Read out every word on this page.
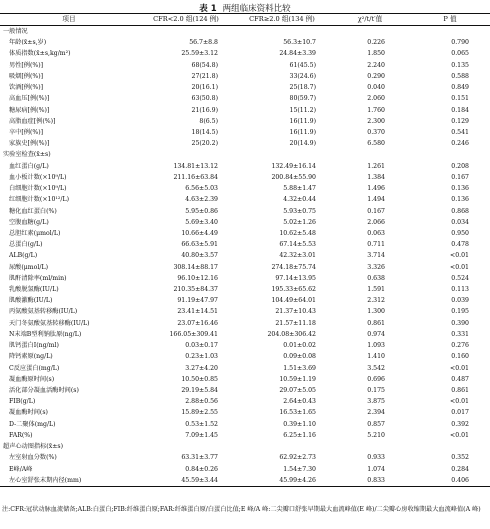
表 1 两组临床资料比较
项目	CFR<2.0 组(124 例)	CFR≥2.0 组(134 例)	χ²/t/t′值	P 值
一般情况				
年龄(x̄±s,岁)	56.7±8.8	56.3±10.7	0.226	0.790
体质指数(x̄±s,kg/m²)	25.59±3.12	24.84±3.39	1.850	0.065
男性[例(%)]	68(54.8)	61(45.5)	2.240	0.135
吸烟[例(%)]	27(21.8)	33(24.6)	0.290	0.588
饮酒[例(%)]	20(16.1)	25(18.7)	0.040	0.849
高血压[例(%)]	63(50.8)	80(59.7)	2.060	0.151
糖尿病[例(%)]	21(16.9)	15(11.2)	1.760	0.184
高脂血症[例(%)]	8(6.5)	16(11.9)	2.300	0.129
卒中[例(%)]	18(14.5)	16(11.9)	0.370	0.541
家族史[例(%)]	25(20.2)	20(14.9)	6.580	0.246
实验室检查(x̄±s)				
血红蛋白(g/L)	134.81±13.12	132.49±16.14	1.261	0.208
血小板计数(×10⁹/L)	211.16±63.84	200.84±55.90	1.384	0.167
白细胞计数(×10⁹/L)	6.56±5.03	5.88±1.47	1.496	0.136
红细胞计数(×10¹²/L)	4.63±2.39	4.32±0.44	1.494	0.136
糖化血红蛋白(%)	5.95±0.86	5.93±0.75	0.167	0.868
空腹血糖(g/L)	5.69±3.40	5.02±1.26	2.066	0.034
总胆红素(μmol/L)	10.66±4.49	10.62±5.48	0.063	0.950
总蛋白(g/L)	66.63±5.91	67.14±5.53	0.711	0.478
ALB(g/L)	40.80±3.57	42.32±3.01	3.714	<0.01
尿酸(μmol/L)	308.14±88.17	274.18±75.74	3.326	<0.01
肌酐清除率(ml/min)	96.10±12.16	97.14±13.95	0.638	0.524
乳酸脱氢酶(IU/L)	210.35±84.37	195.33±65.62	1.591	0.113
肌酸激酶(IU/L)	91.19±47.97	104.49±64.01	2.312	0.039
丙氨酸氨基转移酶(IU/L)	23.41±14.51	21.37±10.43	1.300	0.195
天门冬氨酸氨基转移酶(IU/L)	23.07±16.46	21.57±11.18	0.861	0.390
N末端B型利钠肽原(ng/L)	166.05±309.41	204.08±306.42	0.974	0.331
肌钙蛋白I(ng/ml)	0.03±0.17	0.01±0.02	1.093	0.276
降钙素原(ng/L)	0.23±1.03	0.09±0.08	1.410	0.160
C反应蛋白(mg/L)	3.27±4.20	1.51±3.69	3.542	<0.01
凝血酶原时间(s)	10.50±0.85	10.59±1.19	0.696	0.487
活化部分凝血活酶时间(s)	29.19±5.84	29.07±5.05	0.175	0.861
FIB(g/L)	2.88±0.56	2.64±0.43	3.875	<0.01
凝血酶时间(s)	15.89±2.55	16.53±1.65	2.394	0.017
D-二聚体(mg/L)	0.53±1.52	0.39±1.10	0.857	0.392
FAR(%)	7.09±1.45	6.25±1.16	5.210	<0.01
超声心动图指标(x̄±s)				
左室射血分数(%)	63.31±3.77	62.92±2.73	0.933	0.352
E峰/A峰	0.84±0.26	1.54±7.30	1.074	0.284
左心室舒张末期内径(mm)	45.59±3.44	45.99±4.26	0.833	0.406
注:CFR:冠状动脉血流储备;ALB:白蛋白;FIB:纤维蛋白原;FAR:纤维蛋白原/白蛋白比值;E 峰/A 峰:二尖瓣口舒张早期最大血流峰值(E 峰)/二尖瓣心房收缩期最大血流峰值(A 峰)
